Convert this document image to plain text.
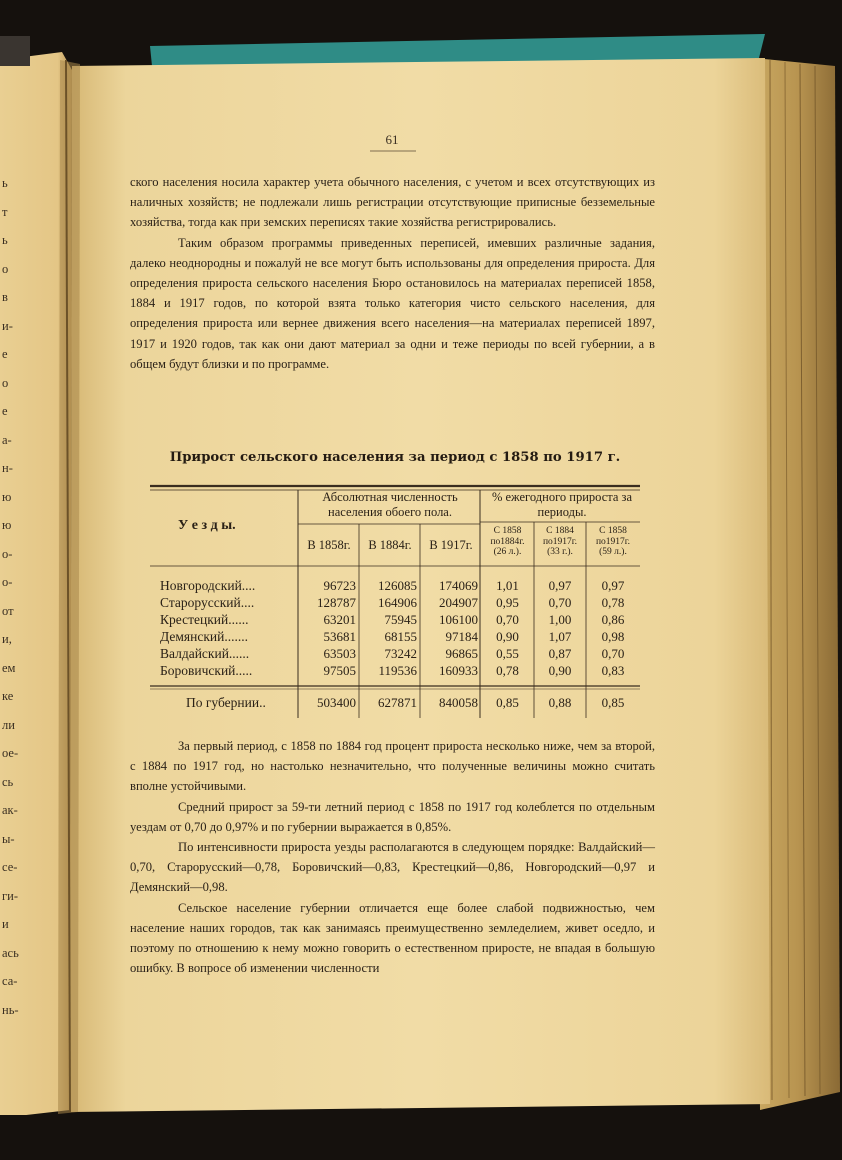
ь
т
ь
о
в
и-
е
о
е
а-
н-
ю
ю
о-
о-
от
и,
ем
ке
ли
ое-
сь
ак-
ы-
се-
ги-
и
ась
са-
нь-
61

ского населения носила характер учета обычного населения, с учетом и всех отсутствующих из наличных хозяйств; не подлежали лишь регистрации отсутствующие приписные безземельные хозяйства, тогда как при земских переписях такие хозяйства регистрировались.

Таким образом программы приведенных переписей, имевших различные задания, далеко неоднородны и пожалуй не все могут быть использованы для определения прироста. Для определения прироста сельского населения Бюро остановилось на материалах переписей 1858, 1884 и 1917 годов, по которой взята только категория чисто сельского населения, для определения прироста или вернее движения всего населения—на материалах переписей 1897, 1917 и 1920 годов, так как они дают материал за одни и теже периоды по всей губернии, а в общем будут близки и по программе.

Прирост сельского населения за период с 1858 по 1917 г.
У е з д ы.
Абсолютная численность населения обоего пола.
% ежегодного прироста за периоды.
В 1858г.	В 1884г.	В 1917г.
С 1858
по1884г.
(26 л.).
С 1884
по1917г.
(33 г.).
С 1858
по1917г.
(59 л.).
Новгородский....	96723	126085	174069	1,01	0,97	0,97
Старорусский....	128787	164906	204907	0,95	0,70	0,78
Крестецкий......	63201	75945	106100	0,70	1,00	0,86
Демянский.......	53681	68155	97184	0,90	1,07	0,98
Валдайский......	63503	73242	96865	0,55	0,87	0,70
Боровичский.....	97505	119536	160933	0,78	0,90	0,83
По губернии..	503400	627871	840058	0,85	0,88	0,85

За первый период, с 1858 по 1884 год процент прироста несколько ниже, чем за второй, с 1884 по 1917 год, но настолько незначительно, что полученные величины можно считать вполне устойчивыми.

Средний прирост за 59-ти летний период с 1858 по 1917 год колеблется по отдельным уездам от 0,70 до 0,97% и по губернии выражается в 0,85%.

По интенсивности прироста уезды располагаются в следующем порядке: Валдайский—0,70, Старорусский—0,78, Боровичский—0,83, Крестецкий—0,86, Новгородский—0,97 и Демянский—0,98.

Сельское население губернии отличается еще более слабой подвижностью, чем население наших городов, так как занимаясь преимущественно земледелием, живет оседло, и поэтому по отношению к нему можно говорить о естественном приросте, не впадая в большую ошибку. В вопросе об изменении численности
